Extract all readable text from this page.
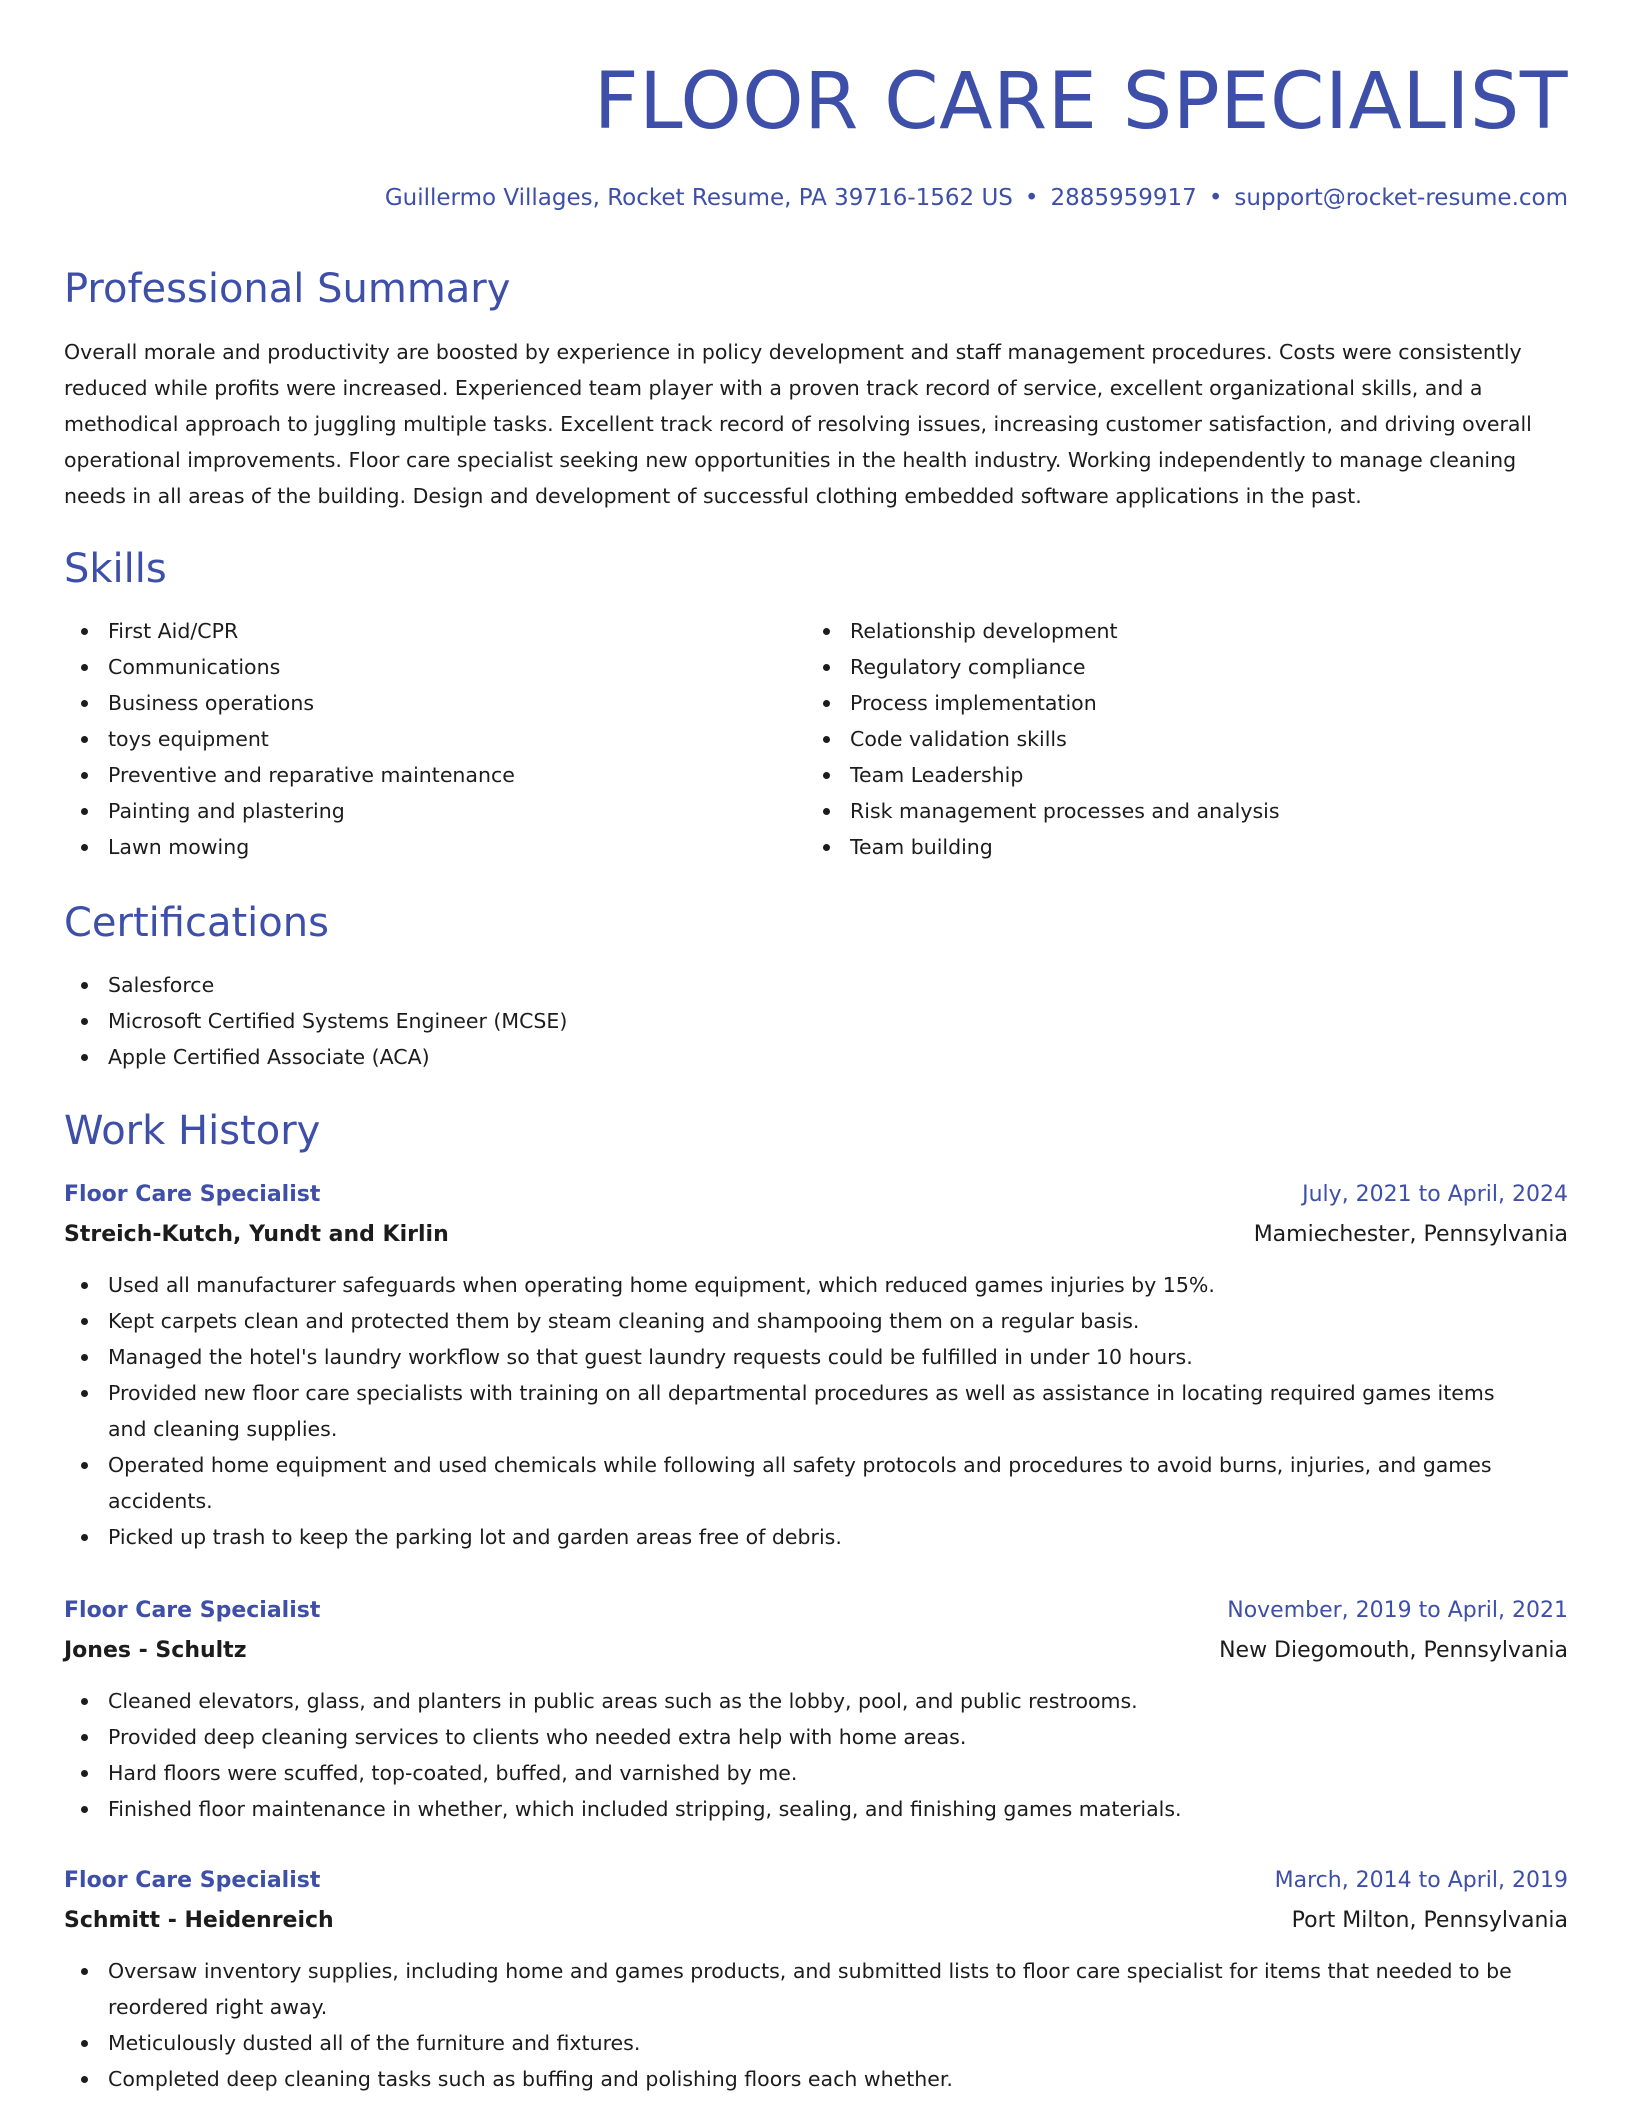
FLOOR CARE SPECIALIST
Guillermo Villages, Rocket Resume, PA 39716-1562 US • 2885959917 • support@rocket-resume.com
Professional Summary

Overall morale and productivity are boosted by experience in policy development and staff management procedures. Costs were consistently reduced while profits were increased. Experienced team player with a proven track record of service, excellent organizational skills, and a methodical approach to juggling multiple tasks. Excellent track record of resolving issues, increasing customer satisfaction, and driving overall operational improvements. Floor care specialist seeking new opportunities in the health industry. Working independently to manage cleaning needs in all areas of the building. Design and development of successful clothing embedded software applications in the past.

Skills
First Aid/CPR
Communications
Business operations
toys equipment
Preventive and reparative maintenance
Painting and plastering
Lawn mowing
Relationship development
Regulatory compliance
Process implementation
Code validation skills
Team Leadership
Risk management processes and analysis
Team building
Certifications
Salesforce
Microsoft Certified Systems Engineer (MCSE)
Apple Certified Associate (ACA)
Work History
Floor Care Specialist	July, 2021 to April, 2024
Streich-Kutch, Yundt and Kirlin	Mamiechester, Pennsylvania
Used all manufacturer safeguards when operating home equipment, which reduced games injuries by 15%.
Kept carpets clean and protected them by steam cleaning and shampooing them on a regular basis.
Managed the hotel's laundry workflow so that guest laundry requests could be fulfilled in under 10 hours.
Provided new floor care specialists with training on all departmental procedures as well as assistance in locating required games items and cleaning supplies.
Operated home equipment and used chemicals while following all safety protocols and procedures to avoid burns, injuries, and games accidents.
Picked up trash to keep the parking lot and garden areas free of debris.
Floor Care Specialist	November, 2019 to April, 2021
Jones - Schultz	New Diegomouth, Pennsylvania
Cleaned elevators, glass, and planters in public areas such as the lobby, pool, and public restrooms.
Provided deep cleaning services to clients who needed extra help with home areas.
Hard floors were scuffed, top-coated, buffed, and varnished by me.
Finished floor maintenance in whether, which included stripping, sealing, and finishing games materials.
Floor Care Specialist	March, 2014 to April, 2019
Schmitt - Heidenreich	Port Milton, Pennsylvania
Oversaw inventory supplies, including home and games products, and submitted lists to floor care specialist for items that needed to be reordered right away.
Meticulously dusted all of the furniture and fixtures.
Completed deep cleaning tasks such as buffing and polishing floors each whether.
